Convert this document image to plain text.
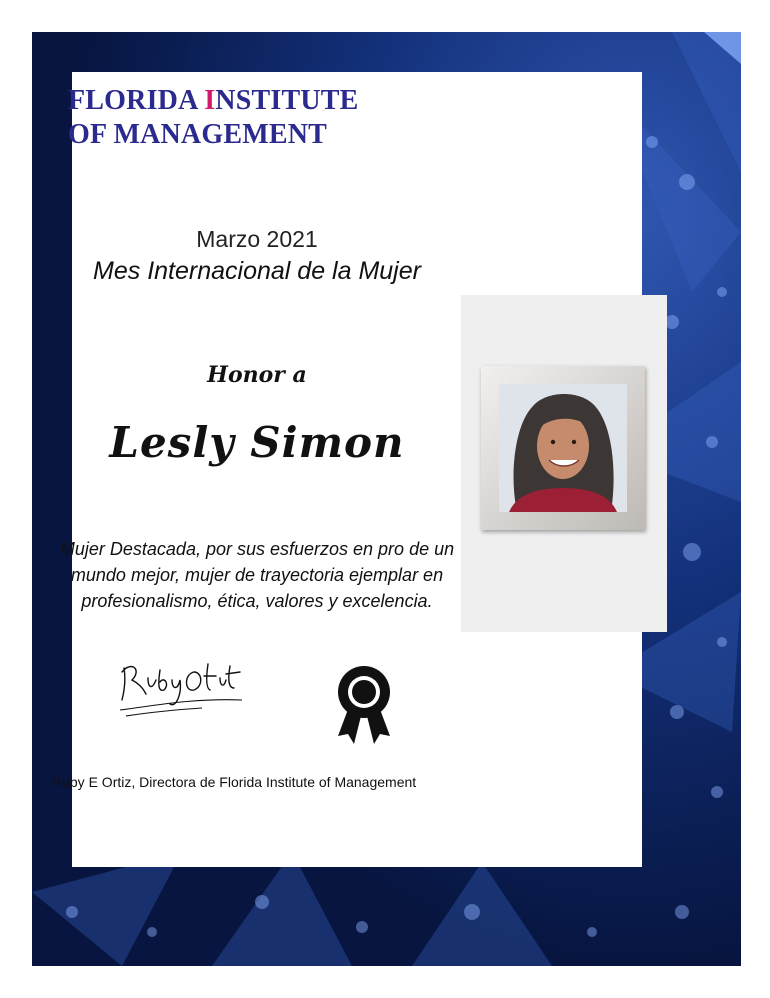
FLORIDA INSTITUTE
OF MANAGEMENT
Marzo 2021
Mes Internacional de la Mujer
Honor a
Lesly Simon
Mujer Destacada, por sus esfuerzos en pro de un mundo mejor, mujer de trayectoria ejemplar en profesionalismo, ética, valores y excelencia.
Ruby E Ortiz, Directora de Florida Institute of Management
